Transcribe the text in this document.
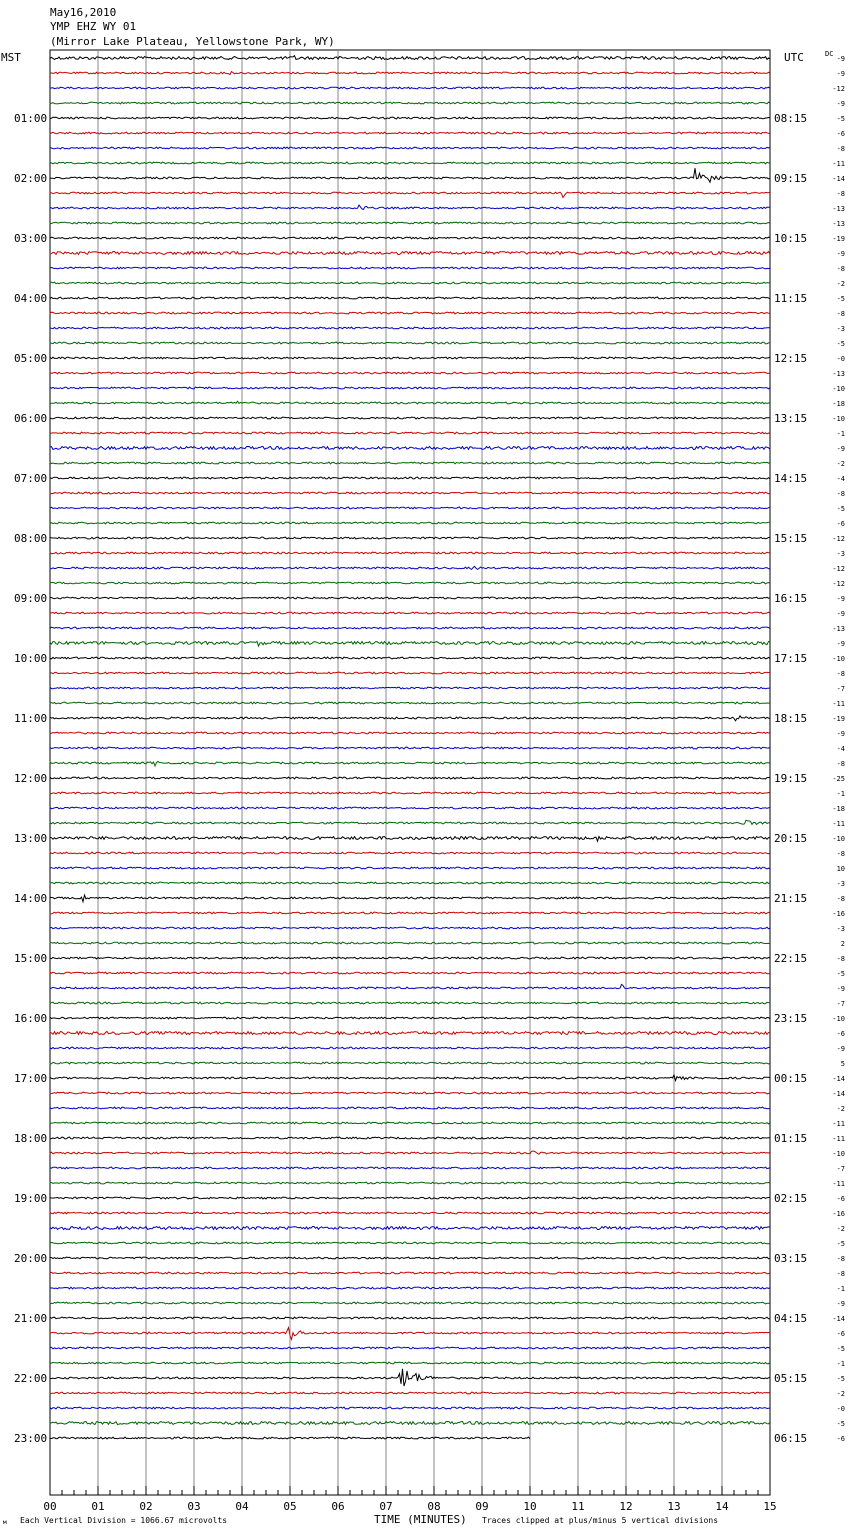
May16,2010
YMP EHZ WY 01
(Mirror Lake Plateau, Yellowstone Park, WY)
MST	UTC	DC
01:00
02:00
03:00
04:00
05:00
06:00
07:00
08:00
09:00
10:00
11:00
12:00
13:00
14:00
15:00
16:00
17:00
18:00
19:00
20:00
21:00
22:00
23:00
08:15
09:15
10:15
11:15
12:15
13:15
14:15
15:15
16:15
17:15
18:15
19:15
20:15
21:15
22:15
23:15
00:15
01:15
02:15
03:15
04:15
05:15
06:15
-9
-9
-12
-9
-5
-6
-8
-11
-14
-8
-13
-13
-19
-9
-8
-2
-5
-8
-3
-5
-0
-13
-10
-18
-10
-1
-9
-2
-4
-8
-5
-6
-12
-3
-12
-12
-9
-9
-13
-9
-10
-8
-7
-11
-19
-9
-4
-8
-25
-1
-18
-11
-10
-8
10
-3
-8
-16
-3
2
-8
-5
-9
-7
-10
-6
-9
5
-14
-14
-2
-11
-11
-10
-7
-11
-6
-16
-2
-5
-8
-8
-1
-9
-14
-6
-5
-1
-5
-2
-0
-5
-6
00	01	02	03	04	05	06	07	08	09	10	11	12	13	14	15
м Each Vertical Division = 1066.67 microvolts	TIME (MINUTES) Traces clipped at plus/minus 5 vertical divisions
